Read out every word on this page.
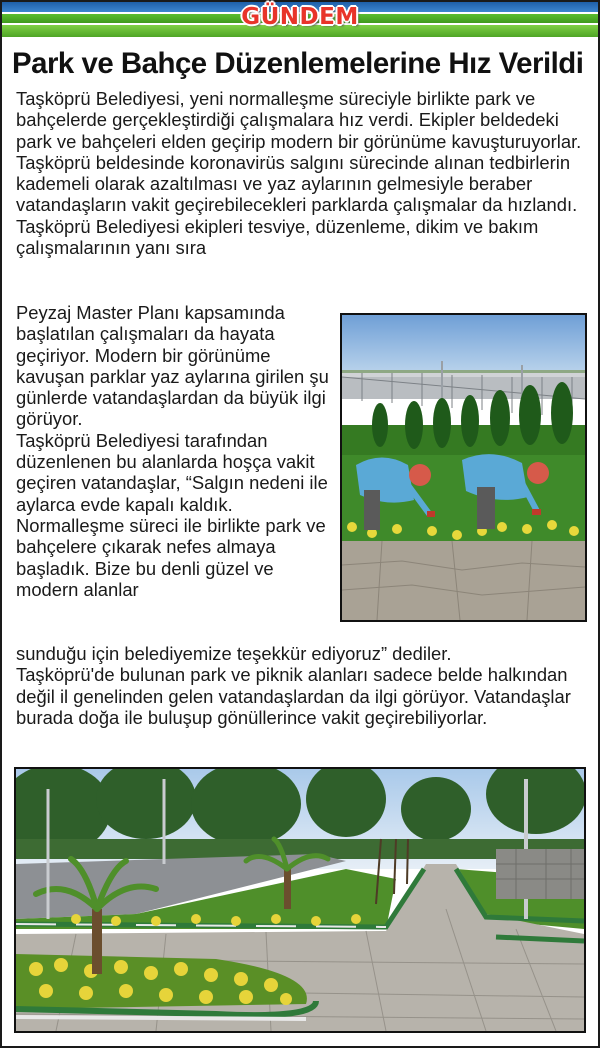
GÜNDEM
Park ve Bahçe Düzenlemelerine Hız Verildi

Taşköprü Belediyesi, yeni normalleşme süreciyle birlikte park ve bahçelerde gerçekleştirdiği çalışmalara hız verdi. Ekipler beldedeki park ve bahçeleri elden geçirip modern bir görünüme kavuşturuyorlar.

Taşköprü beldesinde koronavirüs salgını sürecinde alınan tedbirlerin kademeli olarak azaltılması ve yaz aylarının gelmesiyle beraber vatandaşların vakit geçirebilecekleri parklarda çalışmalar da hızlandı. Taşköprü Belediyesi ekipleri tesviye, düzenleme, dikim ve bakım çalışmalarının yanı sıra

Peyzaj Master Planı kapsamında başlatılan çalışmaları da hayata geçiriyor. Modern bir görünüme kavuşan parklar yaz aylarına girilen şu günlerde vatandaşlardan da büyük ilgi görüyor.

Taşköprü Belediyesi tarafından düzenlenen bu alanlarda hoşça vakit geçiren vatandaşlar, “Salgın nedeni ile aylarca evde kapalı kaldık. Normalleşme süreci ile birlikte park ve bahçelere çıkarak nefes almaya başladık. Bize bu denli güzel ve modern alanlar

sunduğu için belediyemize teşekkür ediyoruz” dediler.

Taşköprü'de bulunan park ve piknik alanları sadece belde halkından değil il genelinden gelen vatandaşlardan da ilgi görüyor. Vatandaşlar burada doğa ile buluşup gönüllerince vakit geçirebiliyorlar.
